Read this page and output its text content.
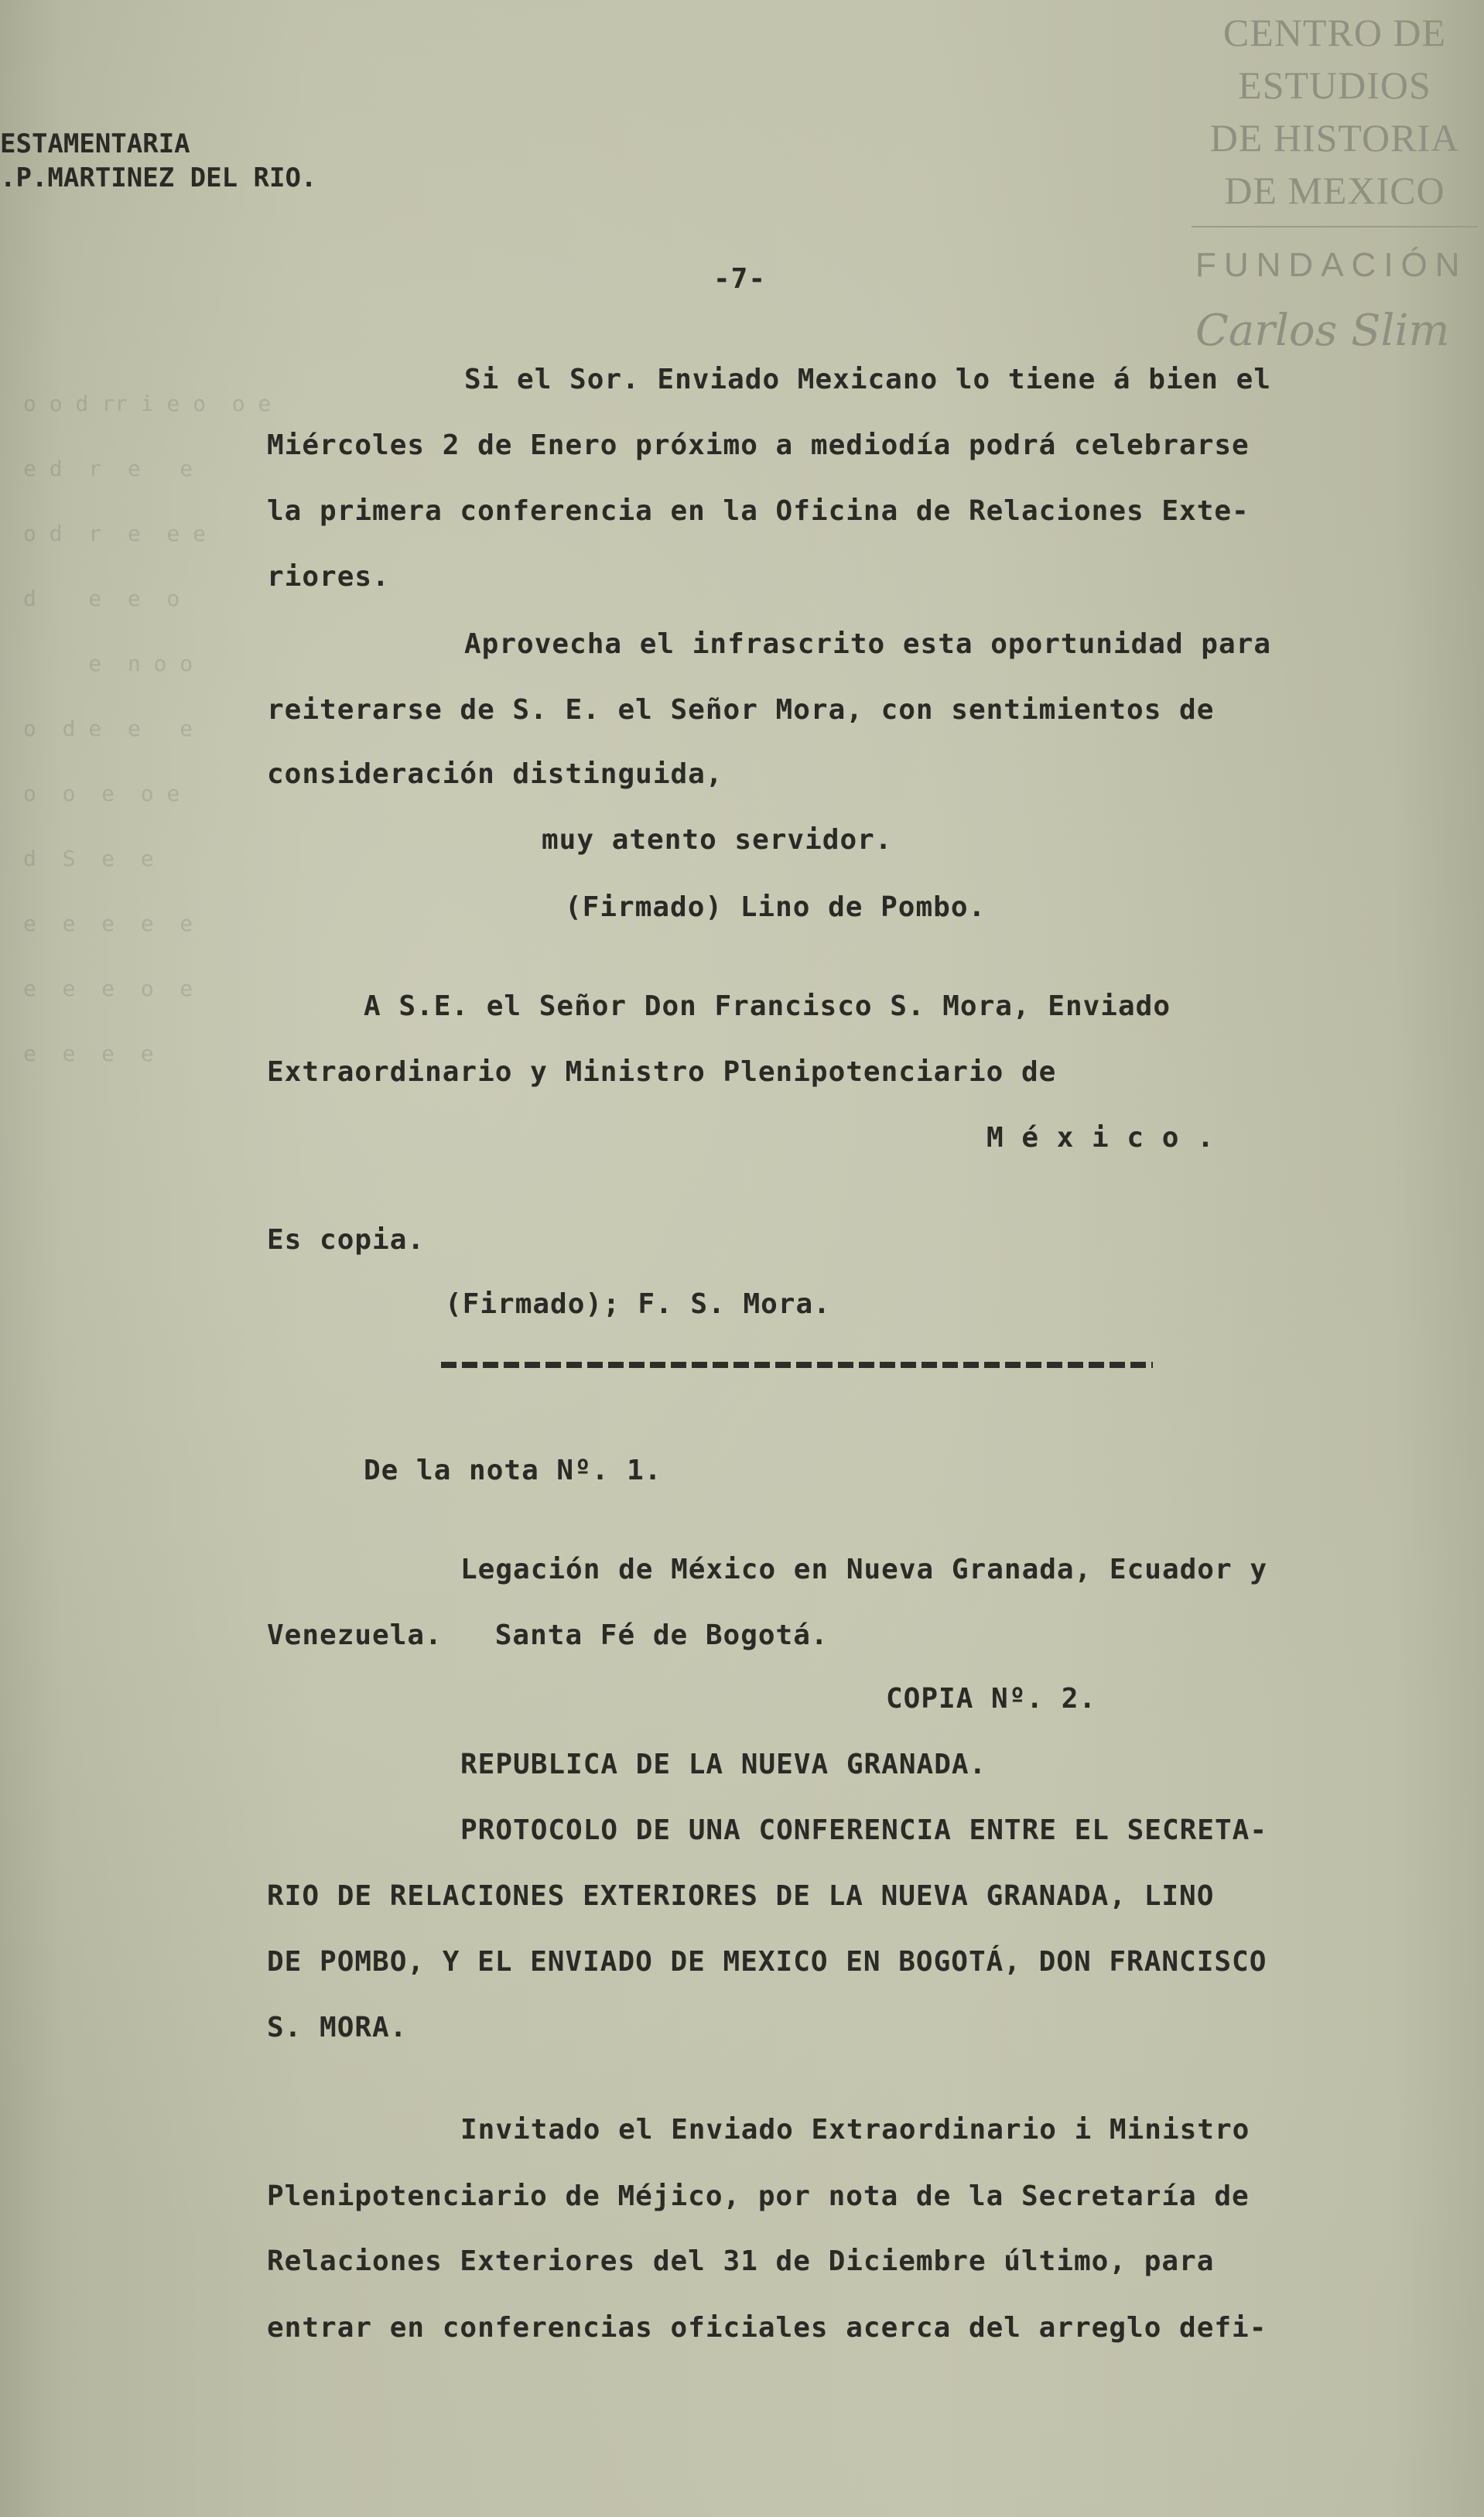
o o d rr i e o  o e
e d  r  e   e
o d  r  e  e e
d    e  e  o
e  n o o
o  d e  e   e
o  o  e  o e
d  S  e  e
e  e  e  e  e
e  e  e  o  e
e  e  e  e
ESTAMENTARIA
.P.MARTINEZ DEL RIO.
CENTRO DE
ESTUDIOS
DE HISTORIA
DE MEXICO
FUNDACIÓN
Carlos Slim
-7-
Si el Sor. Enviado Mexicano lo tiene á bien el
Miércoles 2 de Enero próximo a mediodía podrá celebrarse
la primera conferencia en la Oficina de Relaciones Exte-
riores.
Aprovecha el infrascrito esta oportunidad para
reiterarse de S. E. el Señor Mora, con sentimientos de
consideración distinguida,
muy atento servidor.
(Firmado) Lino de Pombo.
A S.E. el Señor Don Francisco S. Mora, Enviado
Extraordinario y Ministro Plenipotenciario de
M é x i c o .
Es copia.
(Firmado); F. S. Mora.
De la nota Nº. 1.
Legación de México en Nueva Granada, Ecuador y
Venezuela.   Santa Fé de Bogotá.
COPIA Nº. 2.
REPUBLICA DE LA NUEVA GRANADA.
PROTOCOLO DE UNA CONFERENCIA ENTRE EL SECRETA-
RIO DE RELACIONES EXTERIORES DE LA NUEVA GRANADA, LINO
DE POMBO, Y EL ENVIADO DE MEXICO EN BOGOTÁ, DON FRANCISCO
S. MORA.
Invitado el Enviado Extraordinario i Ministro
Plenipotenciario de Méjico, por nota de la Secretaría de
Relaciones Exteriores del 31 de Diciembre último, para
entrar en conferencias oficiales acerca del arreglo defi-
